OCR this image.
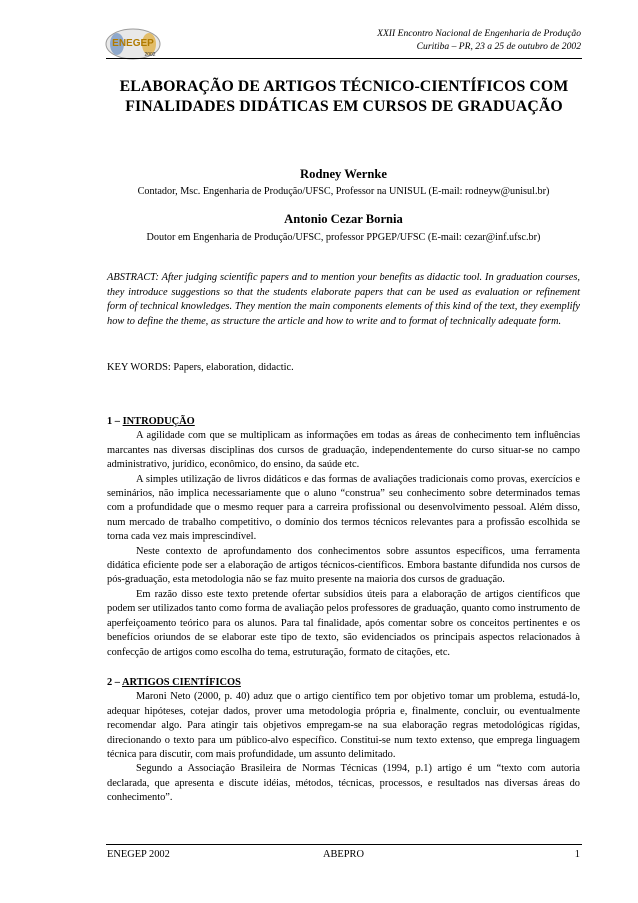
ENEGEP
2002
XXII Encontro Nacional de Engenharia de Produção
Curitiba – PR, 23 a 25 de outubro de 2002
ELABORAÇÃO DE ARTIGOS TÉCNICO-CIENTÍFICOS COM
FINALIDADES DIDÁTICAS EM CURSOS DE GRADUAÇÃO
Rodney Wernke
Contador, Msc. Engenharia de Produção/UFSC, Professor na UNISUL (E-mail: rodneyw@unisul.br)
Antonio Cezar Bornia
Doutor em Engenharia de Produção/UFSC, professor PPGEP/UFSC (E-mail: cezar@inf.ufsc.br)
ABSTRACT: After judging scientific papers and to mention your benefits as didactic tool. In graduation courses, they introduce suggestions so that the students elaborate papers that can be used as evaluation or refinement form of technical knowledges. They mention the main components elements of this kind of the text, they exemplify how to define the theme, as structure the article and how to write and to format of technically adequate form.
KEY WORDS: Papers, elaboration, didactic.
1 – INTRODUÇÃO

A agilidade com que se multiplicam as informações em todas as áreas de conhecimento tem influências marcantes nas diversas disciplinas dos cursos de graduação, independentemente do curso situar-se no campo administrativo, jurídico, econômico, do ensino, da saúde etc.

A simples utilização de livros didáticos e das formas de avaliações tradicionais como provas, exercícios e seminários, não implica necessariamente que o aluno “construa” seu conhecimento sobre determinados temas com a profundidade que o mesmo requer para a carreira profissional ou desenvolvimento pessoal. Além disso, num mercado de trabalho competitivo, o domínio dos termos técnicos relevantes para a profissão escolhida se torna cada vez mais imprescindível.

Neste contexto de aprofundamento dos conhecimentos sobre assuntos específicos, uma ferramenta didática eficiente pode ser a elaboração de artigos técnicos-científicos. Embora bastante difundida nos cursos de pós-graduação, esta metodologia não se faz muito presente na maioria dos cursos de graduação.

Em razão disso este texto pretende ofertar subsídios úteis para a elaboração de artigos científicos que podem ser utilizados tanto como forma de avaliação pelos professores de graduação, quanto como instrumento de aperfeiçoamento teórico para os alunos. Para tal finalidade, após comentar sobre os conceitos pertinentes e os benefícios oriundos de se elaborar este tipo de texto, são evidenciados os principais aspectos relacionados à confecção de artigos como escolha do tema, estruturação, formato de citações, etc.

2 – ARTIGOS CIENTÍFICOS

Maroni Neto (2000, p. 40) aduz que o artigo científico tem por objetivo tomar um problema, estudá-lo, adequar hipóteses, cotejar dados, prover uma metodologia própria e, finalmente, concluir, ou eventualmente recomendar algo. Para atingir tais objetivos empregam-se na sua elaboração regras metodológicas rígidas, direcionando o texto para um público-alvo específico. Constitui-se num texto extenso, que emprega linguagem técnica para discutir, com mais profundidade, um assunto delimitado.

Segundo a Associação Brasileira de Normas Técnicas (1994, p.1) artigo é um “texto com autoria declarada, que apresenta e discute idéias, métodos, técnicas, processos, e resultados nas diversas áreas do conhecimento”.

ENEGEP 2002	ABEPRO	1
